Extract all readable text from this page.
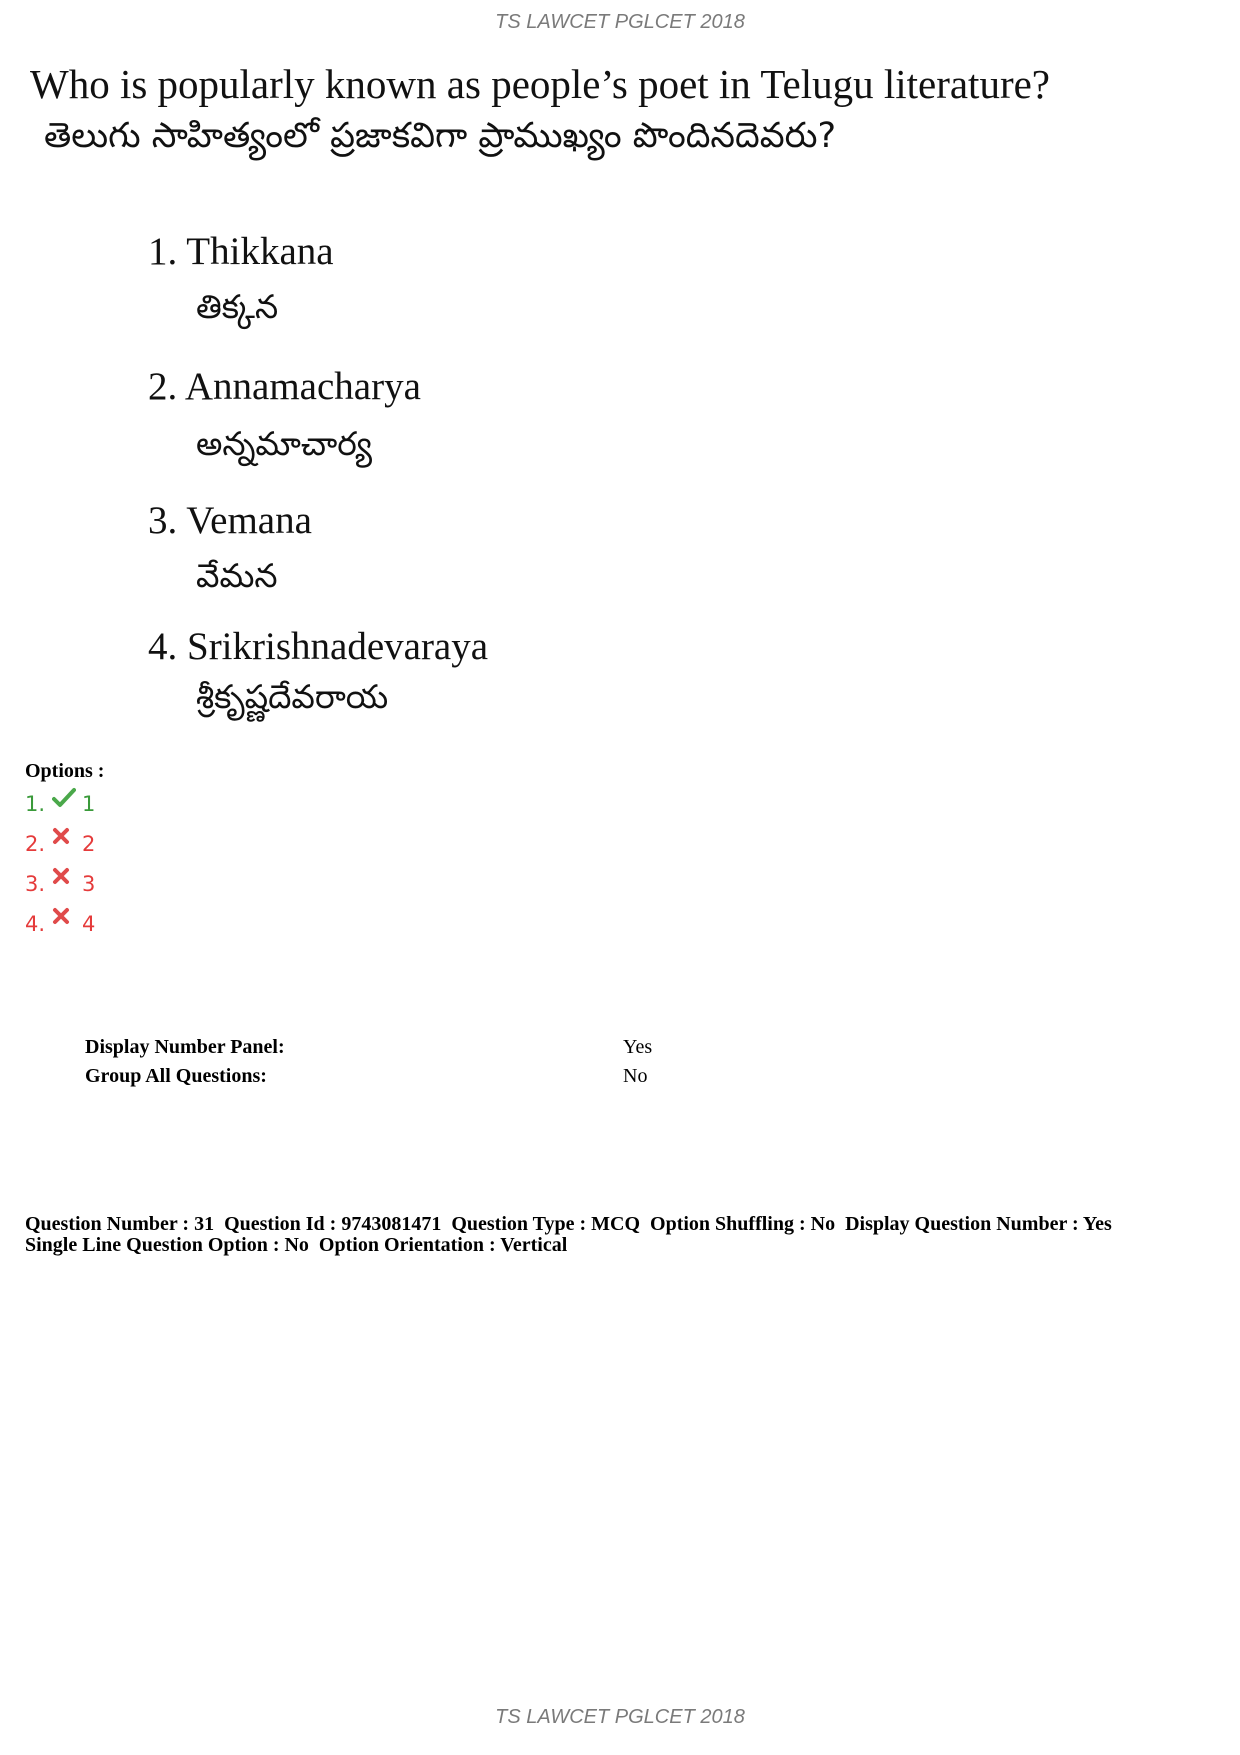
TS LAWCET PGLCET 2018
Who is popularly known as people’s poet in Telugu literature?
తెలుగు సాహిత్యంలో ప్రజాకవిగా ప్రాముఖ్యం పొందినదెవరు?
1. Thikkana
తిక్కన
2. Annamacharya
అన్నమాచార్య
3. Vemana
వేమన
4. Srikrishnadevaraya
శ్రీకృష్ణదేవరాయ
Options :
1.	1
2.	2
3.	3
4.	4
Display Number Panel:	Yes
Group All Questions:	No
Question Number : 31  Question Id : 9743081471  Question Type : MCQ  Option Shuffling : No  Display Question Number : Yes
Single Line Question Option : No  Option Orientation : Vertical
TS LAWCET PGLCET 2018
